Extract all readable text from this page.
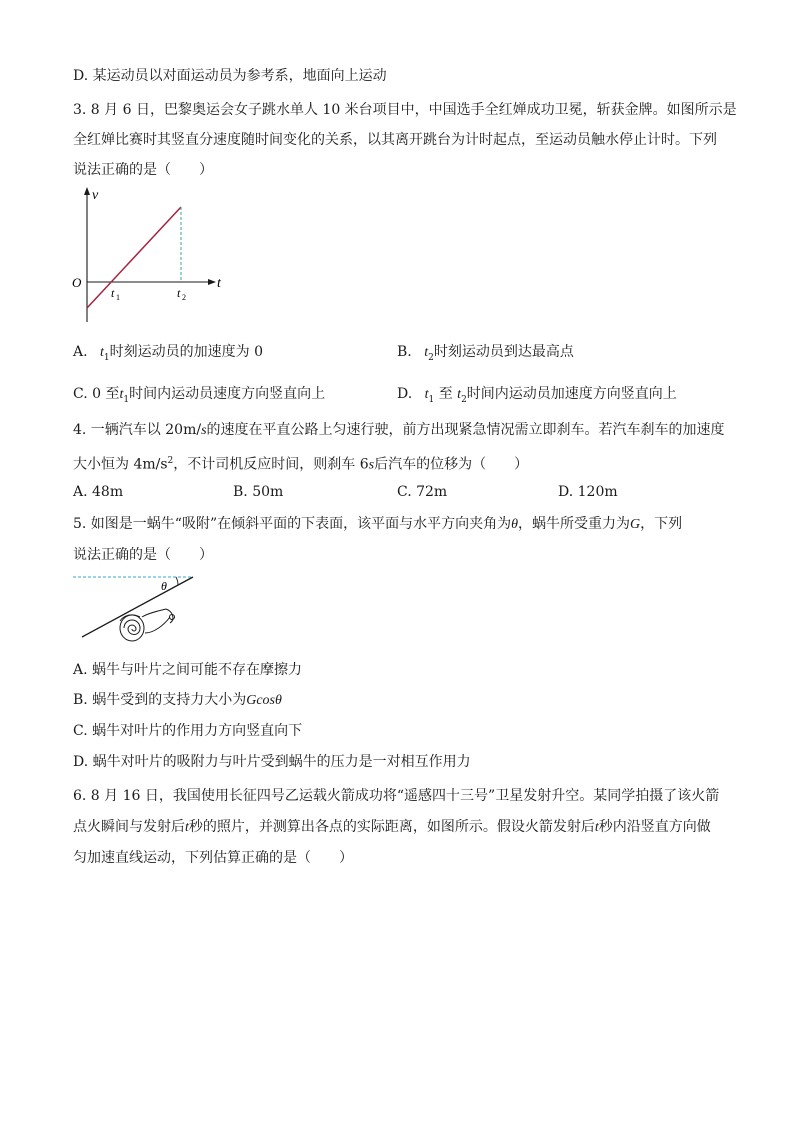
D. 某运动员以对面运动员为参考系，地面向上运动
3. 8 月 6 日，巴黎奥运会女子跳水单人 10 米台项目中，中国选手全红婵成功卫冕，斩获金牌。如图所示是
全红婵比赛时其竖直分速度随时间变化的关系，以其离开跳台为计时起点，至运动员触水停止计时。下列
说法正确的是（　　）
v
t
O
t 1	t 2
A. $t_1$时刻运动员的加速度为 0	B. $t_2$时刻运动员到达最高点
C. 0 至$t_1$时间内运动员速度方向竖直向上	D. $t_1$ 至 $t_2$时间内运动员加速度方向竖直向上
4. 一辆汽车以 20m/s的速度在平直公路上匀速行驶，前方出现紧急情况需立即刹车。若汽车刹车的加速度
大小恒为 $4m/s^2$，不计司机反应时间，则刹车 6s后汽车的位移为（　　）
A. 48m	B. 50m	C. 72m	D. 120m
5. 如图是一蜗牛“吸附”在倾斜平面的下表面，该平面与水平方向夹角为θ，蜗牛所受重力为G，下列
说法正确的是（　　）
θ
A. 蜗牛与叶片之间可能不存在摩擦力
B. 蜗牛受到的支持力大小为Gcosθ
C. 蜗牛对叶片的作用力方向竖直向下
D. 蜗牛对叶片的吸附力与叶片受到蜗牛的压力是一对相互作用力
6. 8 月 16 日，我国使用长征四号乙运载火箭成功将“遥感四十三号”卫星发射升空。某同学拍摄了该火箭
点火瞬间与发射后t秒的照片，并测算出各点的实际距离，如图所示。假设火箭发射后t秒内沿竖直方向做
匀加速直线运动，下列估算正确的是（　　）
